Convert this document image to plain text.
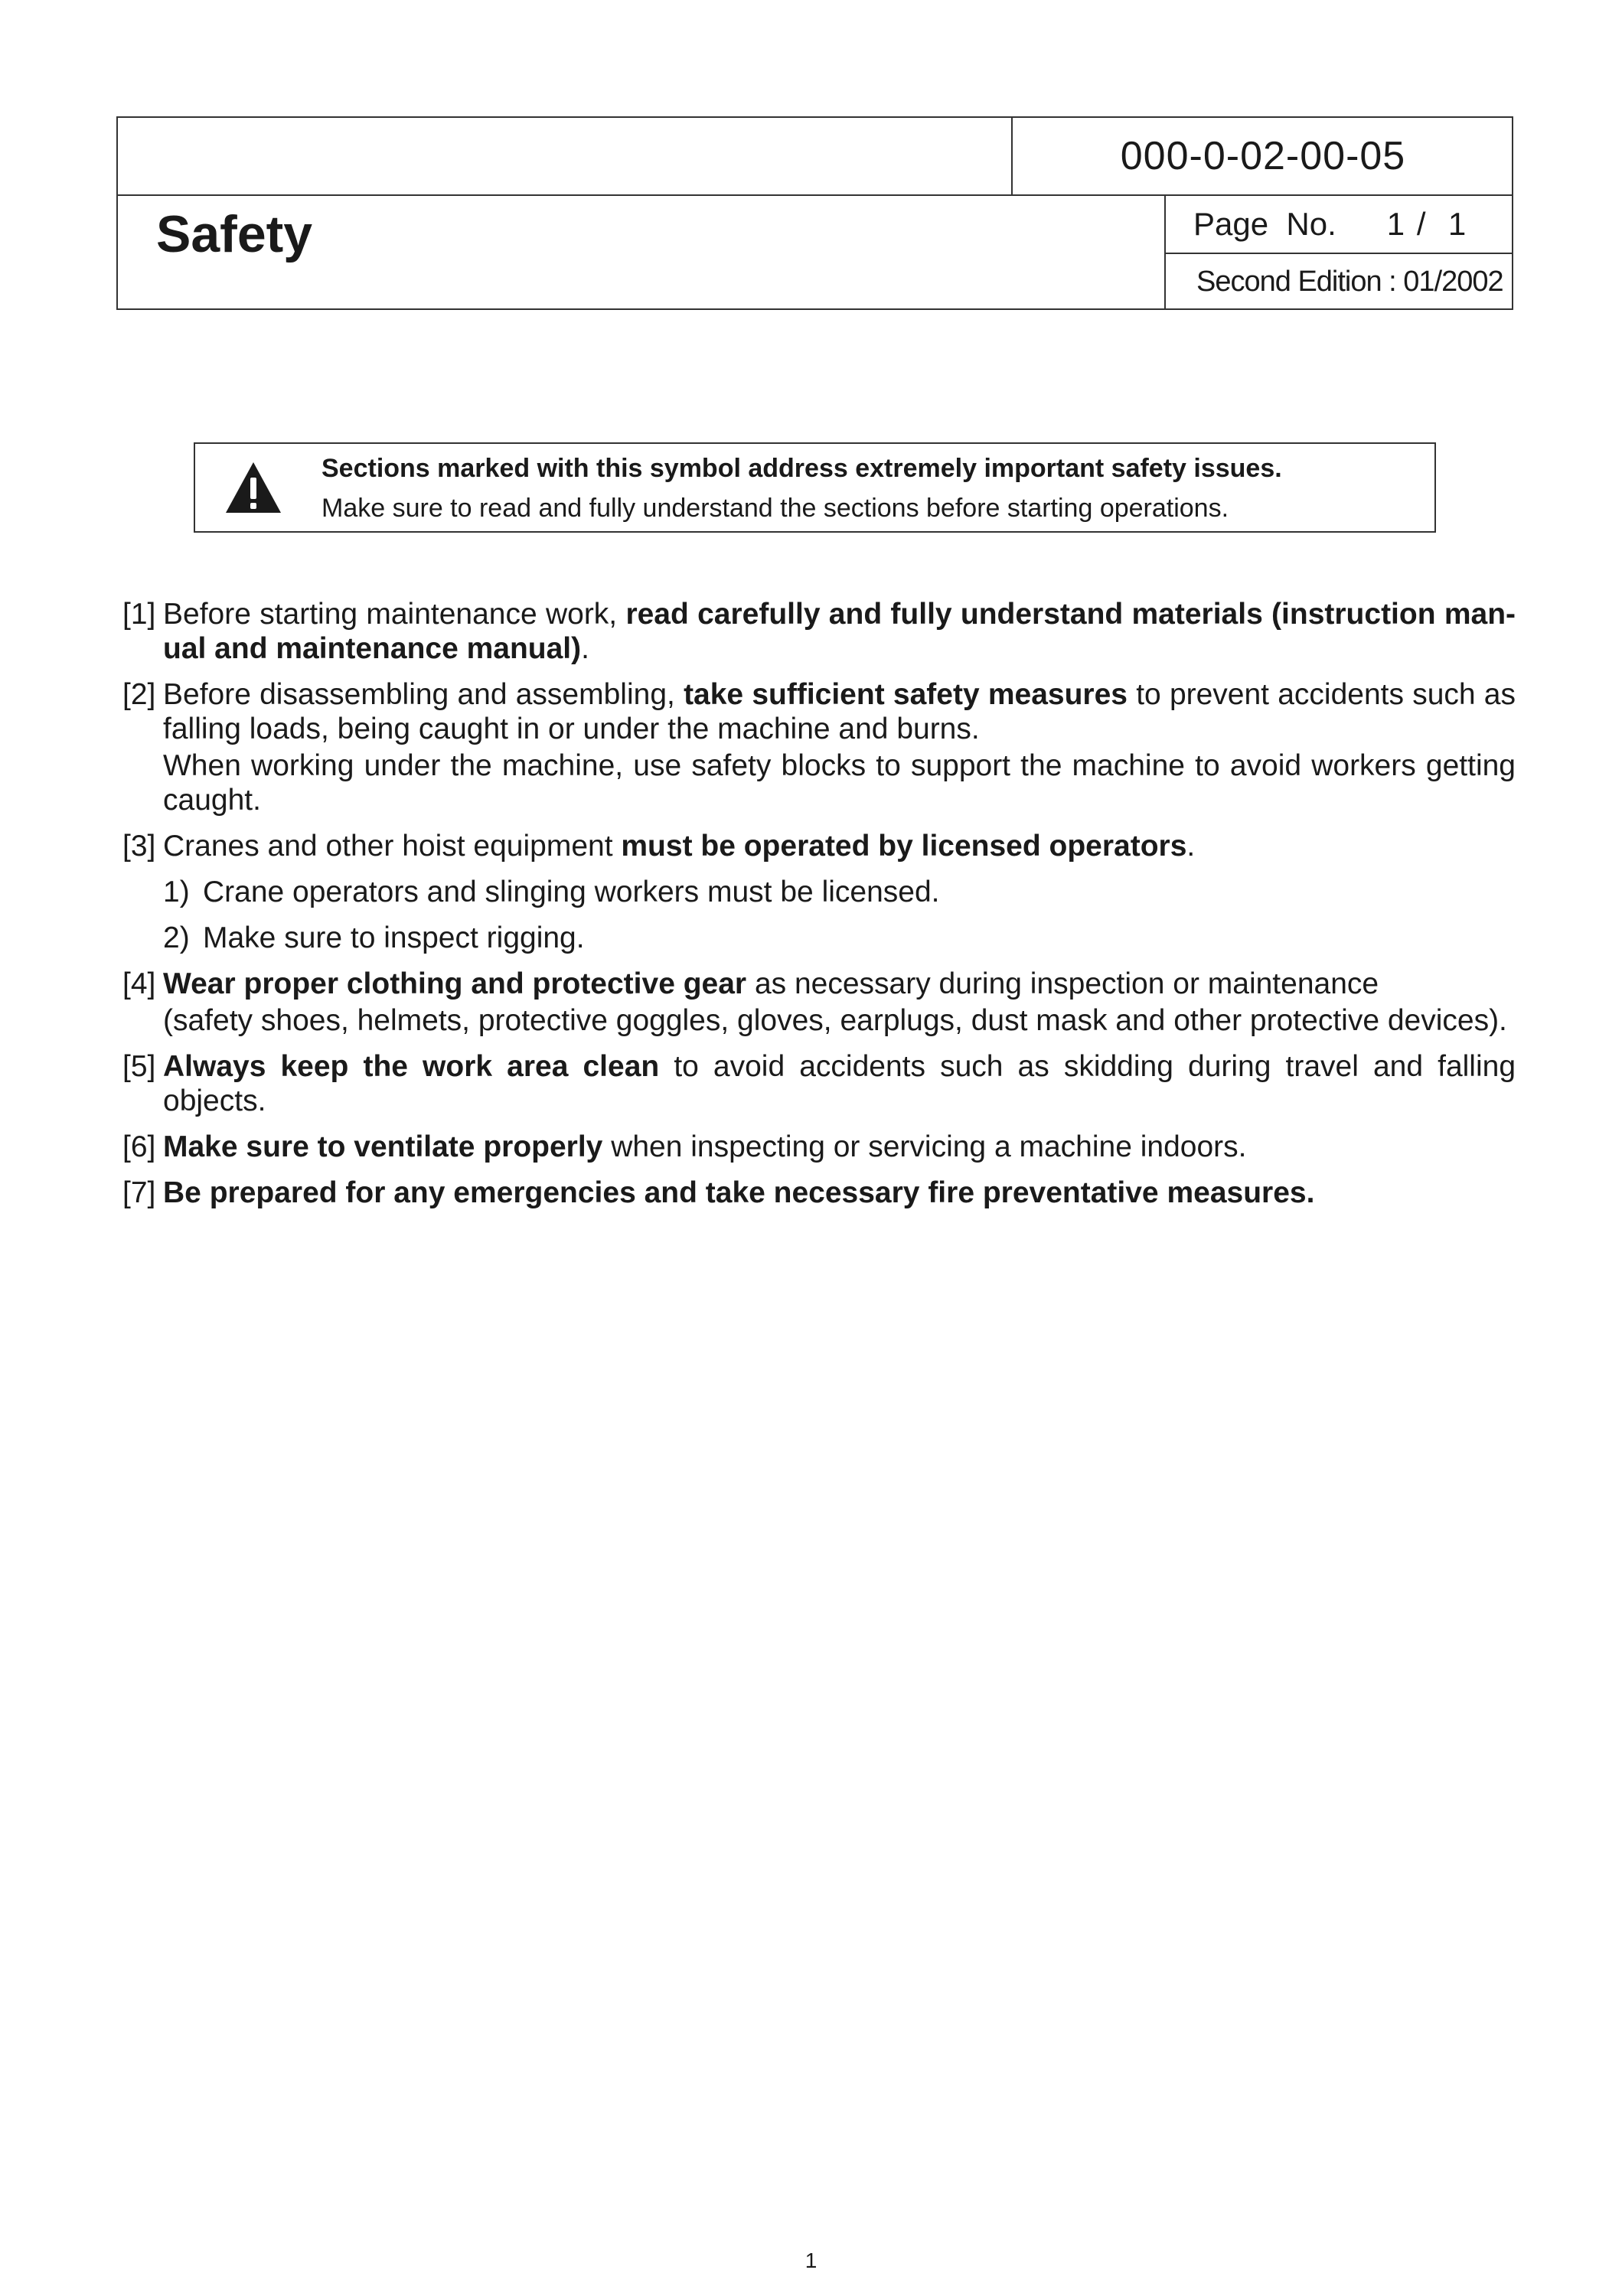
000-0-02-00-05
Safety	Page  No. 1 /  1
Second Edition : 01/2002
Sections marked with this symbol address extremely important safety issues.
Make sure to read and fully understand the sections before starting operations.
[1] Before starting maintenance work, read carefully and fully understand materials (instruction man-ual and maintenance manual).
[2] Before disassembling and assembling, take sufficient safety measures to prevent accidents such as falling loads, being caught in or under the machine and burns.
When working under the machine, use safety blocks to support the machine to avoid workers getting caught.
[3] Cranes and other hoist equipment must be operated by licensed operators.
1) Crane operators and slinging workers must be licensed.
2) Make sure to inspect rigging.
[4] Wear proper clothing and protective gear as necessary during inspection or maintenance
(safety shoes, helmets, protective goggles, gloves, earplugs, dust mask and other protective devices).
[5] Always keep the work area clean to avoid accidents such as skidding during travel and falling objects.
[6] Make sure to ventilate properly when inspecting or servicing a machine indoors.
[7] Be prepared for any emergencies and take necessary fire preventative measures.
1
